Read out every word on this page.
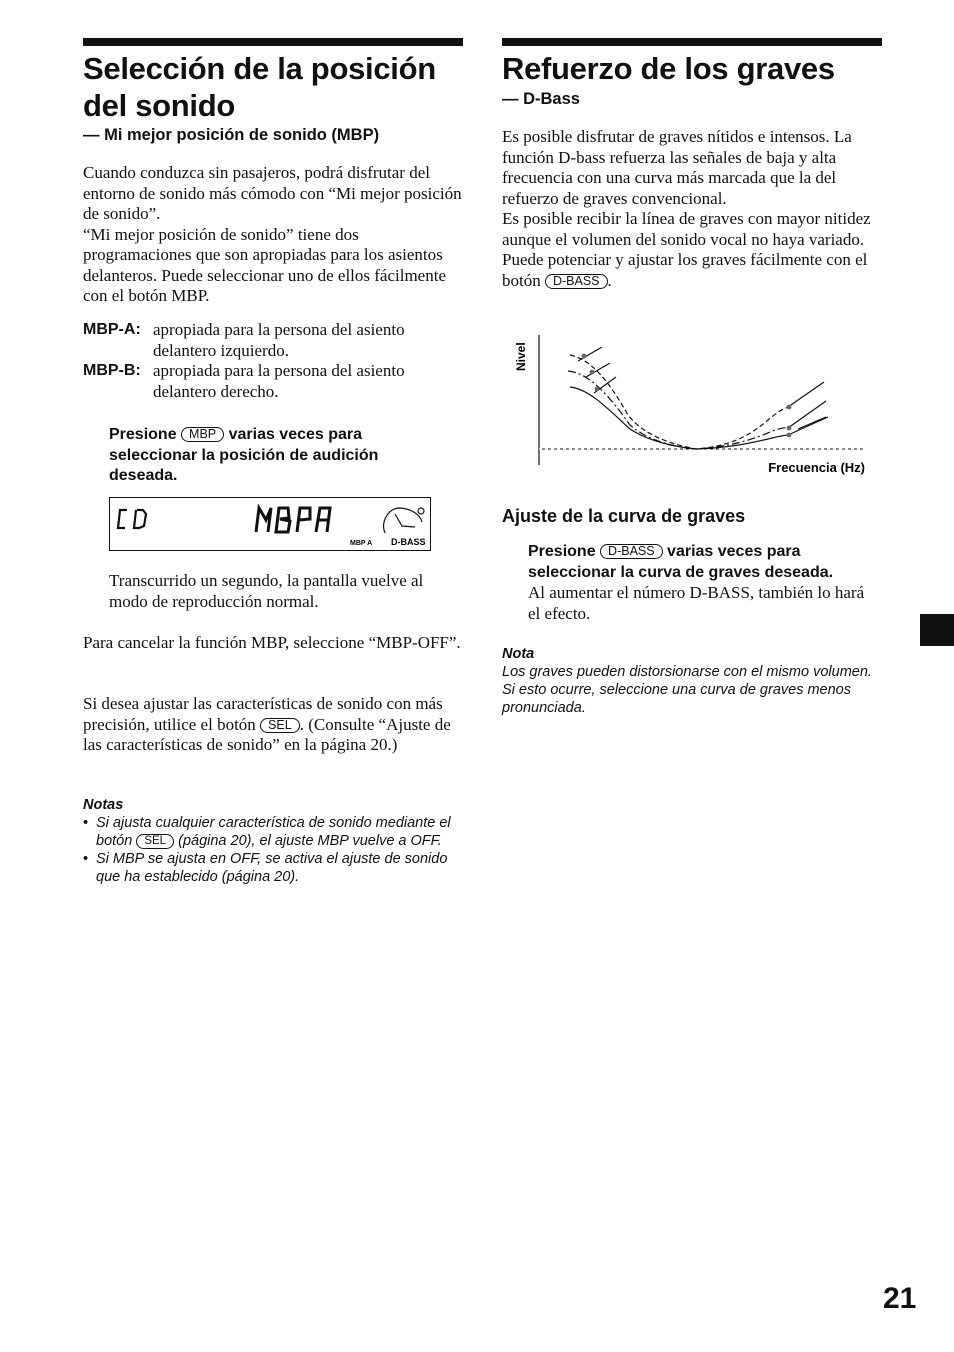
Selección de la posición del sonido
— Mi mejor posición de sonido (MBP)
Cuando conduzca sin pasajeros, podrá disfrutar del entorno de sonido más cómodo con “Mi mejor posición de sonido”.
“Mi mejor posición de sonido” tiene dos programaciones que son apropiadas para los asientos delanteros. Puede seleccionar uno de ellos fácilmente con el botón MBP.
MBP-A: apropiada para la persona del asiento delantero izquierdo.
MBP-B: apropiada para la persona del asiento delantero derecho.
Presione MBP varias veces para seleccionar la posición de audición deseada.
MBP A D-BASS
Transcurrido un segundo, la pantalla vuelve al modo de reproducción normal.
Para cancelar la función MBP, seleccione “MBP-OFF”.
Si desea ajustar las características de sonido con más precisión, utilice el botón SEL . (Consulte “Ajuste de las características de sonido” en la página 20.)
Notas
• Si ajusta cualquier característica de sonido mediante el botón SEL (página 20), el ajuste MBP vuelve a OFF.
• Si MBP se ajusta en OFF, se activa el ajuste de sonido que ha establecido (página 20).
Refuerzo de los graves
— D-Bass
Es posible disfrutar de graves nítidos e intensos. La función D-bass refuerza las señales de baja y alta frecuencia con una curva más marcada que la del refuerzo de graves convencional.
Es posible recibir la línea de graves con mayor nitidez aunque el volumen del sonido vocal no haya variado. Puede potenciar y ajustar los graves fácilmente con el botón D-BASS .
Nivel
Frecuencia (Hz)
Ajuste de la curva de graves
Presione D-BASS varias veces para seleccionar la curva de graves deseada.
Al aumentar el número D-BASS, también lo hará el efecto.
Nota
Los graves pueden distorsionarse con el mismo volumen. Si esto ocurre, seleccione una curva de graves menos pronunciada.
21
